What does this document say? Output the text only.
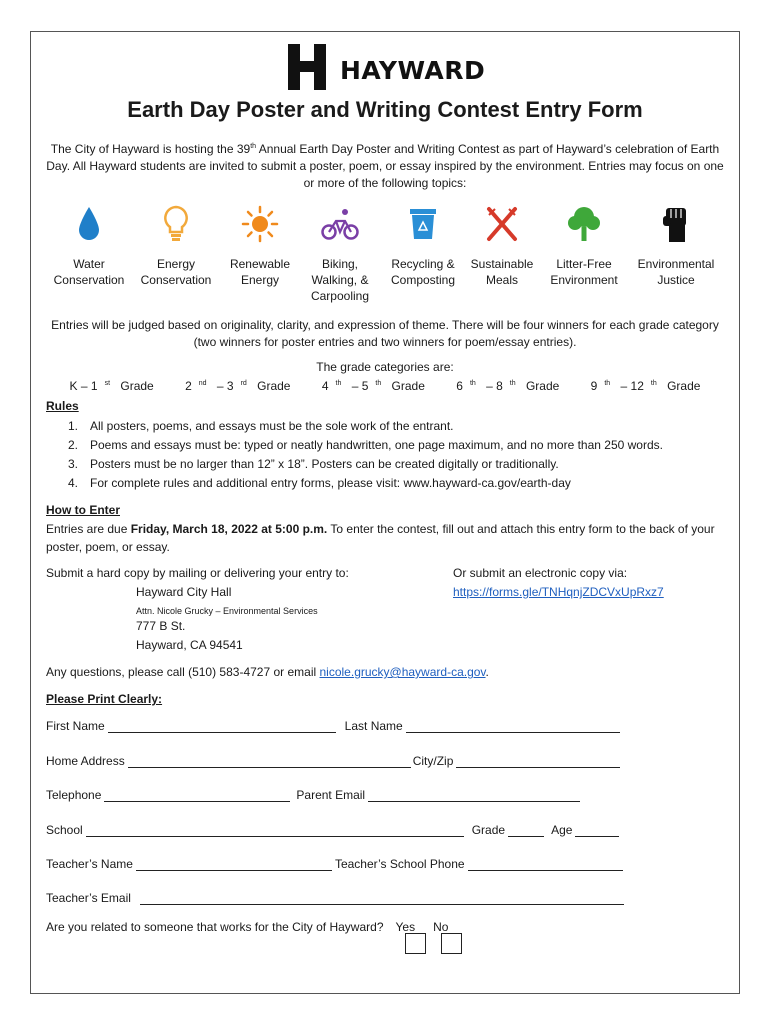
HAYWARD
Earth Day Poster and Writing Contest Entry Form
The City of Hayward is hosting the 39th Annual Earth Day Poster and Writing Contest as part of Hayward’s celebration of Earth Day. All Hayward students are invited to submit a poster, poem, or essay inspired by the environment. Entries may focus on one or more of the following topics:
Water
Conservation
Energy
Conservation
Renewable
Energy
Biking,
Walking, &
Carpooling
Recycling &
Composting
Sustainable
Meals
Litter-Free
Environment
Environmental
Justice
Entries will be judged based on originality, clarity, and expression of theme. There will be four winners for each grade category (two winners for poster entries and two winners for poem/essay entries).
The grade categories are:
K – 1 $^{st}$ Grade	2 $^{nd}$ – 3 $^{rd}$ Grade	4 $^{th}$ – 5 $^{th}$ Grade	6 $^{th}$ – 8 $^{th}$ Grade	9 $^{th}$ – 12 $^{th}$ Grade
Rules
1. All posters, poems, and essays must be the sole work of the entrant.
2. Poems and essays must be: typed or neatly handwritten, one page maximum, and no more than 250 words.
3. Posters must be no larger than 12” x 18”. Posters can be created digitally or traditionally.
4. For complete rules and additional entry forms, please visit: www.hayward-ca.gov/earth-day
How to Enter
Entries are due Friday, March 18, 2022 at 5:00 p.m. To enter the contest, fill out and attach this entry form to the back of your poster, poem, or essay.
Submit a hard copy by mailing or delivering your entry to:
Hayward City Hall
Attn. Nicole Grucky – Environmental Services
777 B St.
Hayward, CA 94541
Or submit an electronic copy via:
https://forms.gle/TNHqnjZDCVxUpRxz7
Any questions, please call (510) 583-4727 or email nicole.grucky@hayward-ca.gov.
Please Print Clearly:
First Name	Last Name
Home Address	City/Zip
Telephone	Parent Email
School	Grade	Age
Teacher’s Name	Teacher’s School Phone
Teacher’s Email
Are you related to someone that works for the City of Hayward? Yes No
